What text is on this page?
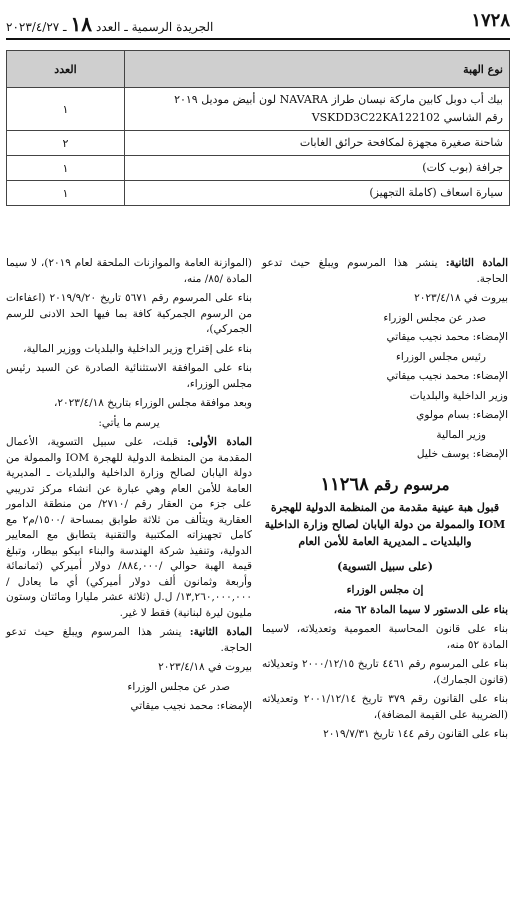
١٧٢٨
الجريدة الرسمية ـ العدد
١٨
ـ ٢٠٢٣/٤/٢٧
نوع الهبة	العدد

بيك أب دوبل كابين ماركة نيسان طراز NAVARA لون أبيض موديل ٢٠١٩
رقم الشاسي VSKDD3C22KA122102	١

شاحنة صغيرة مجهزة لمكافحة حرائق الغابات	٢

جرافة (بوب كات)	١

سيارة اسعاف (كاملة التجهيز)	١

المادة الثانية: ينشر هذا المرسوم ويبلغ حيث تدعو الحاجة.

بيروت في ٢٠٢٣/٤/١٨

صدر عن مجلس الوزراء

الإمضاء: محمد نجيب ميقاتي

رئيس مجلس الوزراء

الإمضاء: محمد نجيب ميقاتي

وزير الداخلية والبلديات

الإمضاء: بسام مولوي

وزير المالية

الإمضاء: يوسف خليل

مرسوم رقم ١١٢٦٨

قبول هبة عينية مقدمة من المنظمة الدولية للهجرة IOM والممولة من دولة اليابان لصالح وزارة الداخلية والبلديات ـ المديرية العامة للأمن العام

(على سبيل التسوية)

إن مجلس الوزراء

بناء على الدستور لا سيما المادة ٦٢ منه،

بناء على قانون المحاسبة العمومية وتعديلاته، لاسيما المادة ٥٢ منه،

بناء على المرسوم رقم ٤٤٦١ تاريخ ٢٠٠٠/١٢/١٥ وتعديلاته (قانون الجمارك)،

بناء على القانون رقم ٣٧٩ تاريخ ٢٠٠١/١٢/١٤ وتعديلاته (الضريبة على القيمة المضافة)،

بناء على القانون رقم ١٤٤ تاريخ ٢٠١٩/٧/٣١

(الموازنة العامة والموازنات الملحقة لعام ٢٠١٩)، لا سيما المادة /٨٥/ منه،

بناء على المرسوم رقم ٥٦٧١ تاريخ ٢٠١٩/٩/٢٠ (اعفاءات من الرسوم الجمركية كافة بما فيها الحد الادنى للرسم الجمركي)،

بناء على إقتراح وزير الداخلية والبلديات ووزير المالية،

بناء على الموافقة الاستثنائية الصادرة عن السيد رئيس مجلس الوزراء،

وبعد موافقة مجلس الوزراء بتاريخ ٢٠٢٣/٤/١٨،

يرسم ما يأتي:

المادة الأولى: قبلت، على سبيل التسوية، الأعمال المقدمة من المنظمة الدولية للهجرة IOM والممولة من دولة اليابان لصالح وزارة الداخلية والبلديات ـ المديرية العامة للأمن العام وهي عبارة عن انشاء مركز تدريبي على جزء من العقار رقم /٢٧١٠/ من منطقة الدامور العقارية ويتألف من ثلاثة طوابق بمساحة /١٥٠٠/م٢ مع كامل تجهيزاته المكتبية والتقنية يتطابق مع المعايير الدولية، وتنفيذ شركة الهندسة والبناء ابيكو بيطار، وتبلغ قيمة الهبة حوالي /٨٨٤,٠٠٠/ دولار أميركي (ثمانمائة وأربعة وثمانون ألف دولار أميركي) أي ما يعادل /١٣,٢٦٠,٠٠٠,٠٠٠/ ل.ل (ثلاثة عشر مليارا ومائتان وستون مليون ليرة لبنانية) فقط لا غير.

المادة الثانية: ينشر هذا المرسوم ويبلغ حيث تدعو الحاجة.

بيروت في ٢٠٢٣/٤/١٨

صدر عن مجلس الوزراء

الإمضاء: محمد نجيب ميقاتي
